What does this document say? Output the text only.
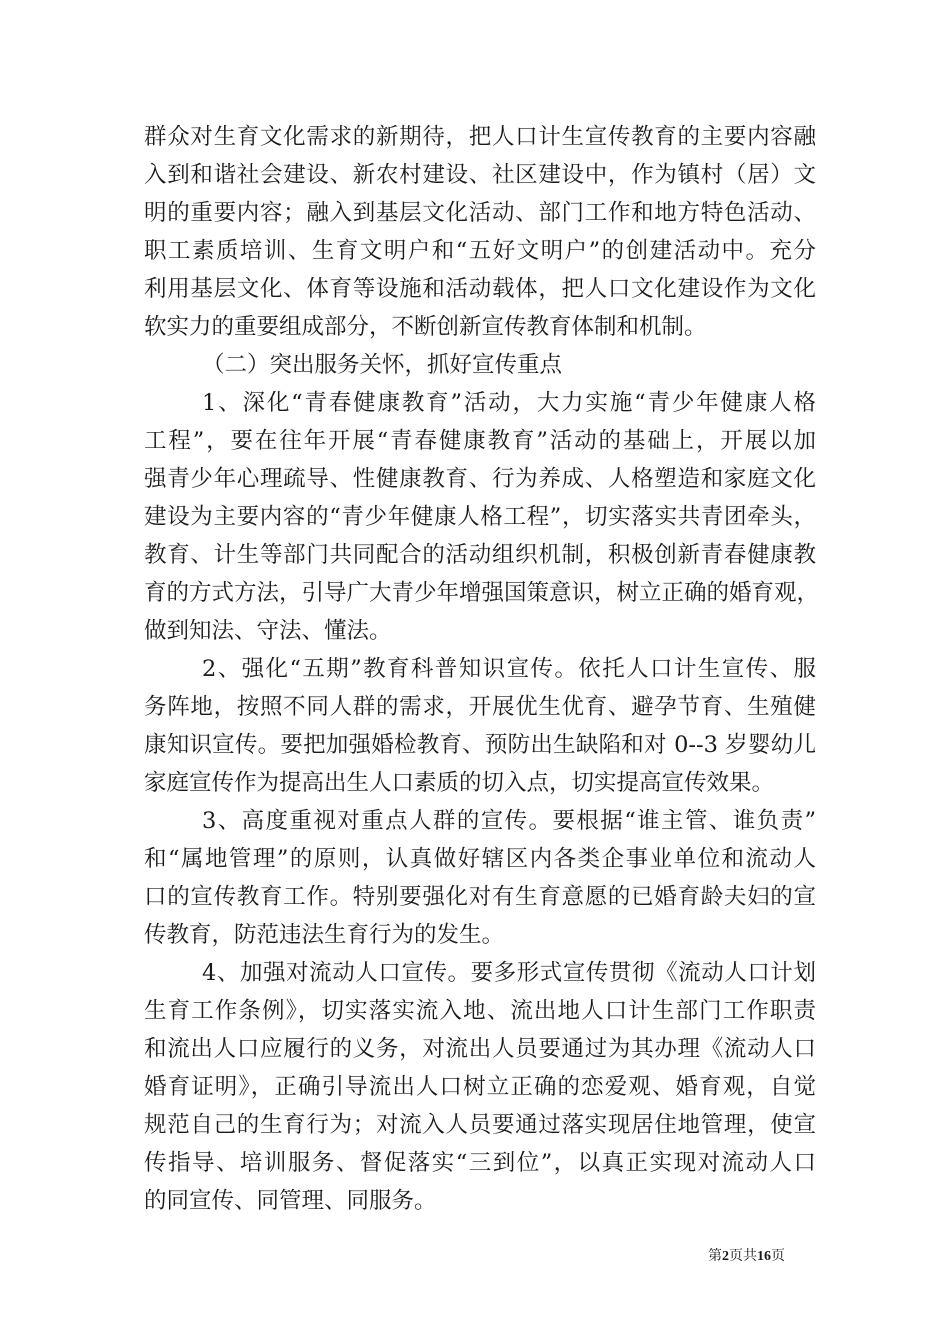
群众对生育文化需求的新期待，把人口计生宣传教育的主要内容融
入到和谐社会建设、新农村建设、社区建设中，作为镇村（居）文
明的重要内容；融入到基层文化活动、部门工作和地方特色活动、
职工素质培训、生育文明户和“五好文明户”的创建活动中。充分
利用基层文化、体育等设施和活动载体，把人口文化建设作为文化
软实力的重要组成部分，不断创新宣传教育体制和机制。
（二）突出服务关怀，抓好宣传重点
1、深化“青春健康教育”活动，大力实施“青少年健康人格
工程”，要在往年开展“青春健康教育”活动的基础上，开展以加
强青少年心理疏导、性健康教育、行为养成、人格塑造和家庭文化
建设为主要内容的“青少年健康人格工程”，切实落实共青团牵头，
教育、计生等部门共同配合的活动组织机制，积极创新青春健康教
育的方式方法，引导广大青少年增强国策意识，树立正确的婚育观，
做到知法、守法、懂法。
2、强化“五期”教育科普知识宣传。依托人口计生宣传、服
务阵地，按照不同人群的需求，开展优生优育、避孕节育、生殖健
康知识宣传。要把加强婚检教育、预防出生缺陷和对 0--3 岁婴幼儿
家庭宣传作为提高出生人口素质的切入点，切实提高宣传效果。
3、高度重视对重点人群的宣传。要根据“谁主管、谁负责”
和“属地管理”的原则，认真做好辖区内各类企事业单位和流动人
口的宣传教育工作。特别要强化对有生育意愿的已婚育龄夫妇的宣
传教育，防范违法生育行为的发生。
4、加强对流动人口宣传。要多形式宣传贯彻《流动人口计划
生育工作条例》，切实落实流入地、流出地人口计生部门工作职责
和流出人口应履行的义务，对流出人员要通过为其办理《流动人口
婚育证明》，正确引导流出人口树立正确的恋爱观、婚育观，自觉
规范自己的生育行为；对流入人员要通过落实现居住地管理，使宣
传指导、培训服务、督促落实“三到位”，以真正实现对流动人口
的同宣传、同管理、同服务。
第2页共16页
